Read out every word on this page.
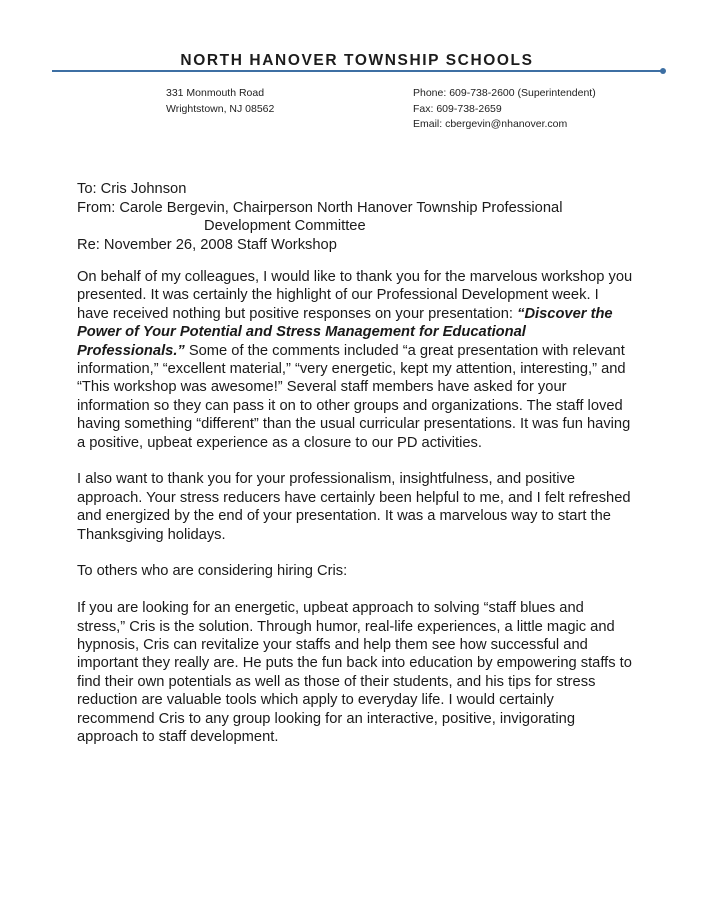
NORTH HANOVER TOWNSHIP SCHOOLS
331 Monmouth Road
Wrightstown, NJ 08562
Phone: 609-738-2600 (Superintendent)
Fax: 609-738-2659
Email: cbergevin@nhanover.com
To: Cris Johnson
From: Carole Bergevin, Chairperson North Hanover Township Professional
Development Committee
Re: November 26, 2008 Staff Workshop

On behalf of my colleagues, I would like to thank you for the marvelous workshop you presented. It was certainly the highlight of our Professional Development week. I have received nothing but positive responses on your presentation: “Discover the Power of Your Potential and Stress Management for Educational Professionals.” Some of the comments included “a great presentation with relevant information,” “excellent material,” “very energetic, kept my attention, interesting,” and “This workshop was awesome!” Several staff members have asked for your information so they can pass it on to other groups and organizations. The staff loved having something “different” than the usual curricular presentations. It was fun having a positive, upbeat experience as a closure to our PD activities.

I also want to thank you for your professionalism, insightfulness, and positive approach. Your stress reducers have certainly been helpful to me, and I felt refreshed and energized by the end of your presentation. It was a marvelous way to start the Thanksgiving holidays.

To others who are considering hiring Cris:

If you are looking for an energetic, upbeat approach to solving “staff blues and stress,” Cris is the solution. Through humor, real-life experiences, a little magic and hypnosis, Cris can revitalize your staffs and help them see how successful and important they really are. He puts the fun back into education by empowering staffs to find their own potentials as well as those of their students, and his tips for stress reduction are valuable tools which apply to everyday life. I would certainly recommend Cris to any group looking for an interactive, positive, invigorating approach to staff development.
